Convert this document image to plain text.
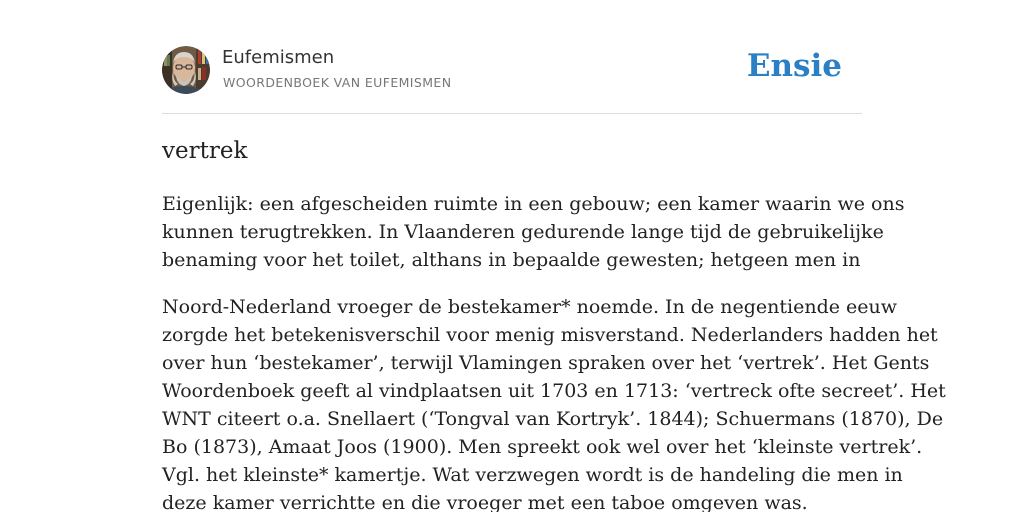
Eufemismen
WOORDENBOEK VAN EUFEMISMEN	Ensie
vertrek

Eigenlijk: een afgescheiden ruimte in een gebouw; een kamer waarin we ons
kunnen terugtrekken. In Vlaanderen gedurende lange tijd de gebruikelijke
benaming voor het toilet, althans in bepaalde gewesten; hetgeen men in

Noord-Nederland vroeger de bestekamer* noemde. In de negentiende eeuw
zorgde het betekenisverschil voor menig misverstand. Nederlanders hadden het
over hun ‘bestekamer’, terwijl Vlamingen spraken over het ‘vertrek’. Het Gents
Woordenboek geeft al vindplaatsen uit 1703 en 1713: ‘vertreck ofte secreet’. Het
WNT citeert o.a. Snellaert (‘Tongval van Kortryk’. 1844); Schuermans (1870), De
Bo (1873), Amaat Joos (1900). Men spreekt ook wel over het ‘kleinste vertrek’.
Vgl. het kleinste* kamertje. Wat verzwegen wordt is de handeling die men in
deze kamer verrichtte en die vroeger met een taboe omgeven was.
